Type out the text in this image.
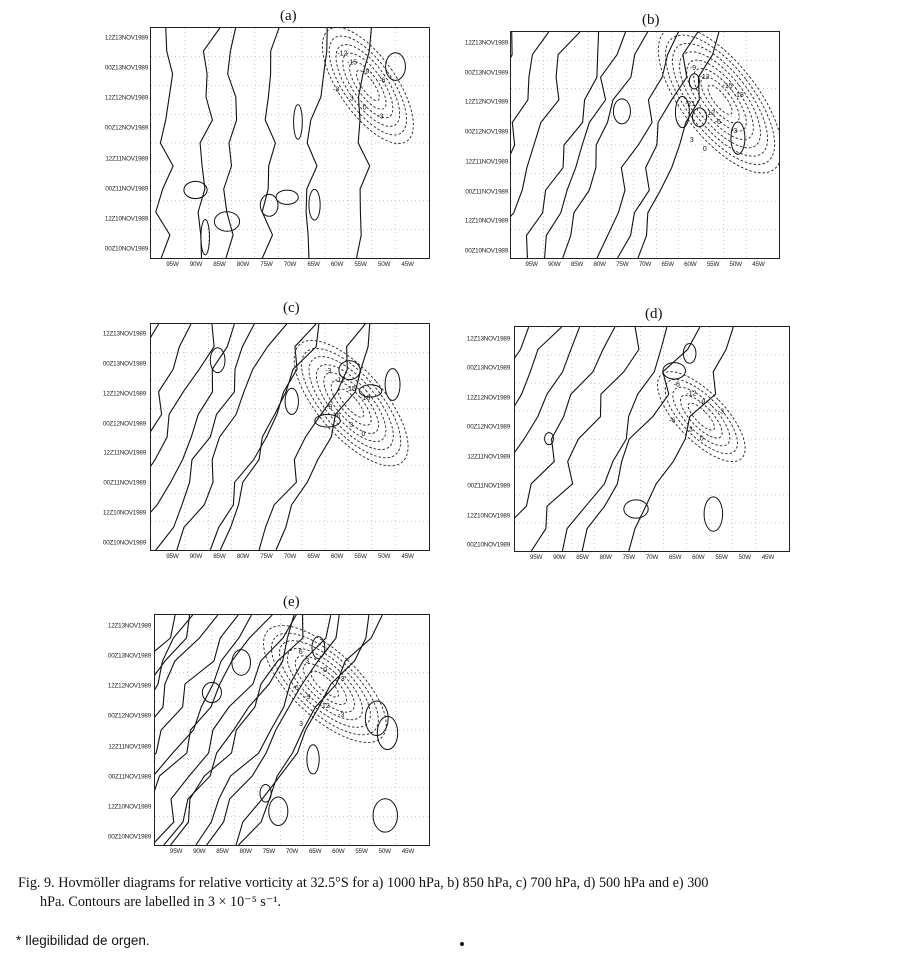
(a)
12Z13NOV1989
00Z13NOV1989
12Z12NOV1989
00Z12NOV1989
12Z11NOV1989
00Z11NOV1989
12Z10NOV1989
00Z10NOV1989
-12
-15
-9
-6
-3
3
0
-3
95W 90W 85W 80W 75W 70W 65W 60W 55W 50W 45W
(b)
12Z13NOV1989
00Z13NOV1989
12Z12NOV1989
00Z12NOV1989
12Z11NOV1989
00Z11NOV1989
12Z10NOV1989
00Z10NOV1989
-9
-12
-15
-18
-21
-12
-6
-3
3
0
95W 90W 85W 80W 75W 70W 65W 60W 55W 50W 45W
(c)
12Z13NOV1989
00Z13NOV1989
12Z12NOV1989
00Z12NOV1989
12Z11NOV1989
00Z11NOV1989
12Z10NOV1989
00Z10NOV1989
-3
-12
-15
-18
-9
-6
3
0
95W 90W 85W 80W 75W 70W 65W 60W 55W 50W 45W
(d)
12Z13NOV1989
00Z13NOV1989
12Z12NOV1989
00Z12NOV1989
12Z11NOV1989
00Z11NOV1989
12Z10NOV1989
00Z10NOV1989
-6
-12
-9
-3
-6
3
0
95W 90W 85W 80W 75W 70W 65W 60W 55W 50W 45W
(e)
12Z13NOV1989
00Z13NOV1989
12Z12NOV1989
00Z12NOV1989
12Z11NOV1989
00Z11NOV1989
12Z10NOV1989
00Z10NOV1989
6
3
0
-3
-6
-9
-12
-3
3
95W 90W 85W 80W 75W 70W 65W 60W 55W 50W 45W
Fig. 9. Hovmöller diagrams for relative vorticity at 32.5°S for a) 1000 hPa, b) 850 hPa, c) 700 hPa, d) 500 hPa and e) 300
hPa. Contours are labelled in 3 × 10⁻⁵ s⁻¹.
* Ilegibilidad de orgen.
